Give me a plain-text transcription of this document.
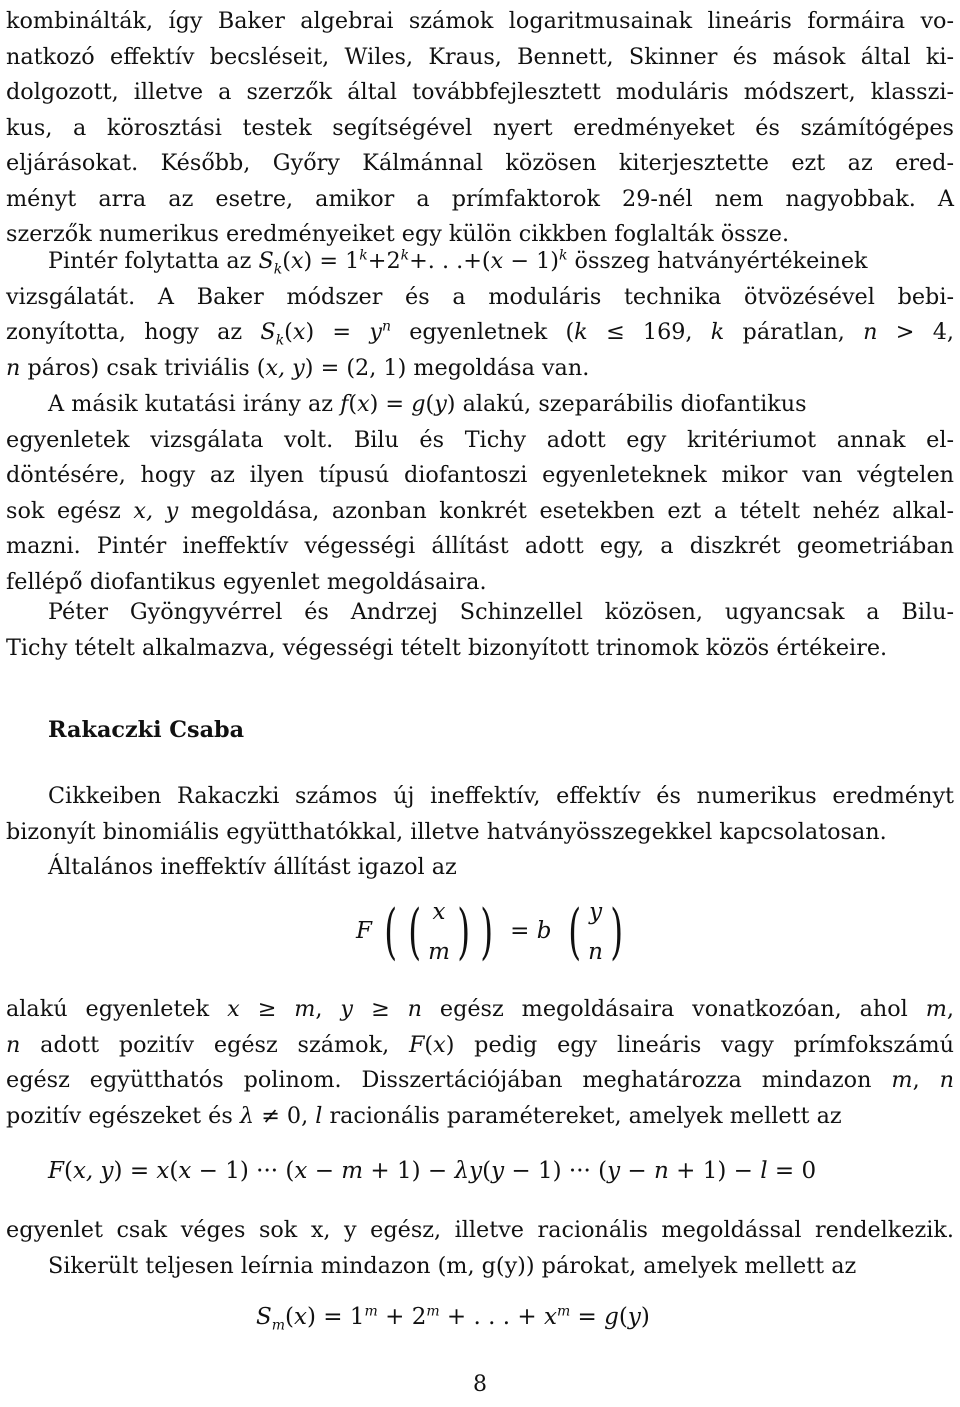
kombinálták, így Baker algebrai számok logaritmusainak lineáris formáira vo-
natkozó effektív becsléseit, Wiles, Kraus, Bennett, Skinner és mások által ki-
dolgozott, illetve a szerzők által továbbfejlesztett moduláris módszert, klasszi-
kus, a körosztási testek segítségével nyert eredményeket és számítógépes
eljárásokat. Később, Győry Kálmánnal közösen kiterjesztette ezt az ered-
ményt arra az esetre, amikor a prímfaktorok 29-nél nem nagyobbak. A
szerzők numerikus eredményeiket egy külön cikkben foglalták össze.
Pintér folytatta az $S_k(x) = 1^k+2^k+$. . $.+(x - 1)^k$ összeg hatványértékeinek
vizsgálatát. A Baker módszer és a moduláris technika ötvözésével bebi-
zonyította, hogy az $S_k(x) = y^n$ egyenletnek (k ≤ 169, k páratlan, n > 4,
n páros) csak triviális (x, y) = (2, 1) megoldása van.
A másik kutatási irány az f(x) = g(y) alakú, szeparábilis diofantikus
egyenletek vizsgálata volt. Bilu és Tichy adott egy kritériumot annak el-
döntésére, hogy az ilyen típusú diofantoszi egyenleteknek mikor van végtelen
sok egész x, y megoldása, azonban konkrét esetekben ezt a tételt nehéz alkal-
mazni. Pintér ineffektív végességi állítást adott egy, a diszkrét geometriában
fellépő diofantikus egyenlet megoldásaira.
Péter Gyöngyvérrel és Andrzej Schinzellel közösen, ugyancsak a Bilu-
Tichy tételt alkalmazva, végességi tételt bizonyított trinomok közös értékeire.
Rakaczki Csaba
Cikkeiben Rakaczki számos új ineffektív, effektív és numerikus eredményt
bizonyít binomiális együtthatókkal, illetve hatványösszegekkel kapcsolatosan.
Általános ineffektív állítást igazol az
F ( ( x
m ) ) = b ( y
n )
alakú egyenletek x ≥ m, y ≥ n egész megoldásaira vonatkozóan, ahol m,
n adott pozitív egész számok, F(x) pedig egy lineáris vagy prímfokszámú
egész együtthatós polinom. Disszertációjában meghatározza mindazon m, n
pozitív egészeket és λ ≠ 0, l racionális paramétereket, amelyek mellett az
F(x, y) = x(x − 1) ··· (x − m + 1) − λy(y − 1) ··· (y − n + 1) − l = 0
egyenlet csak véges sok x, y egész, illetve racionális megoldással rendelkezik.
Sikerült teljesen leírnia mindazon (m, g(y)) párokat, amelyek mellett az
$S_m(x) = 1^m + 2^m$ + . . . + $x^m = g(y)$
8
